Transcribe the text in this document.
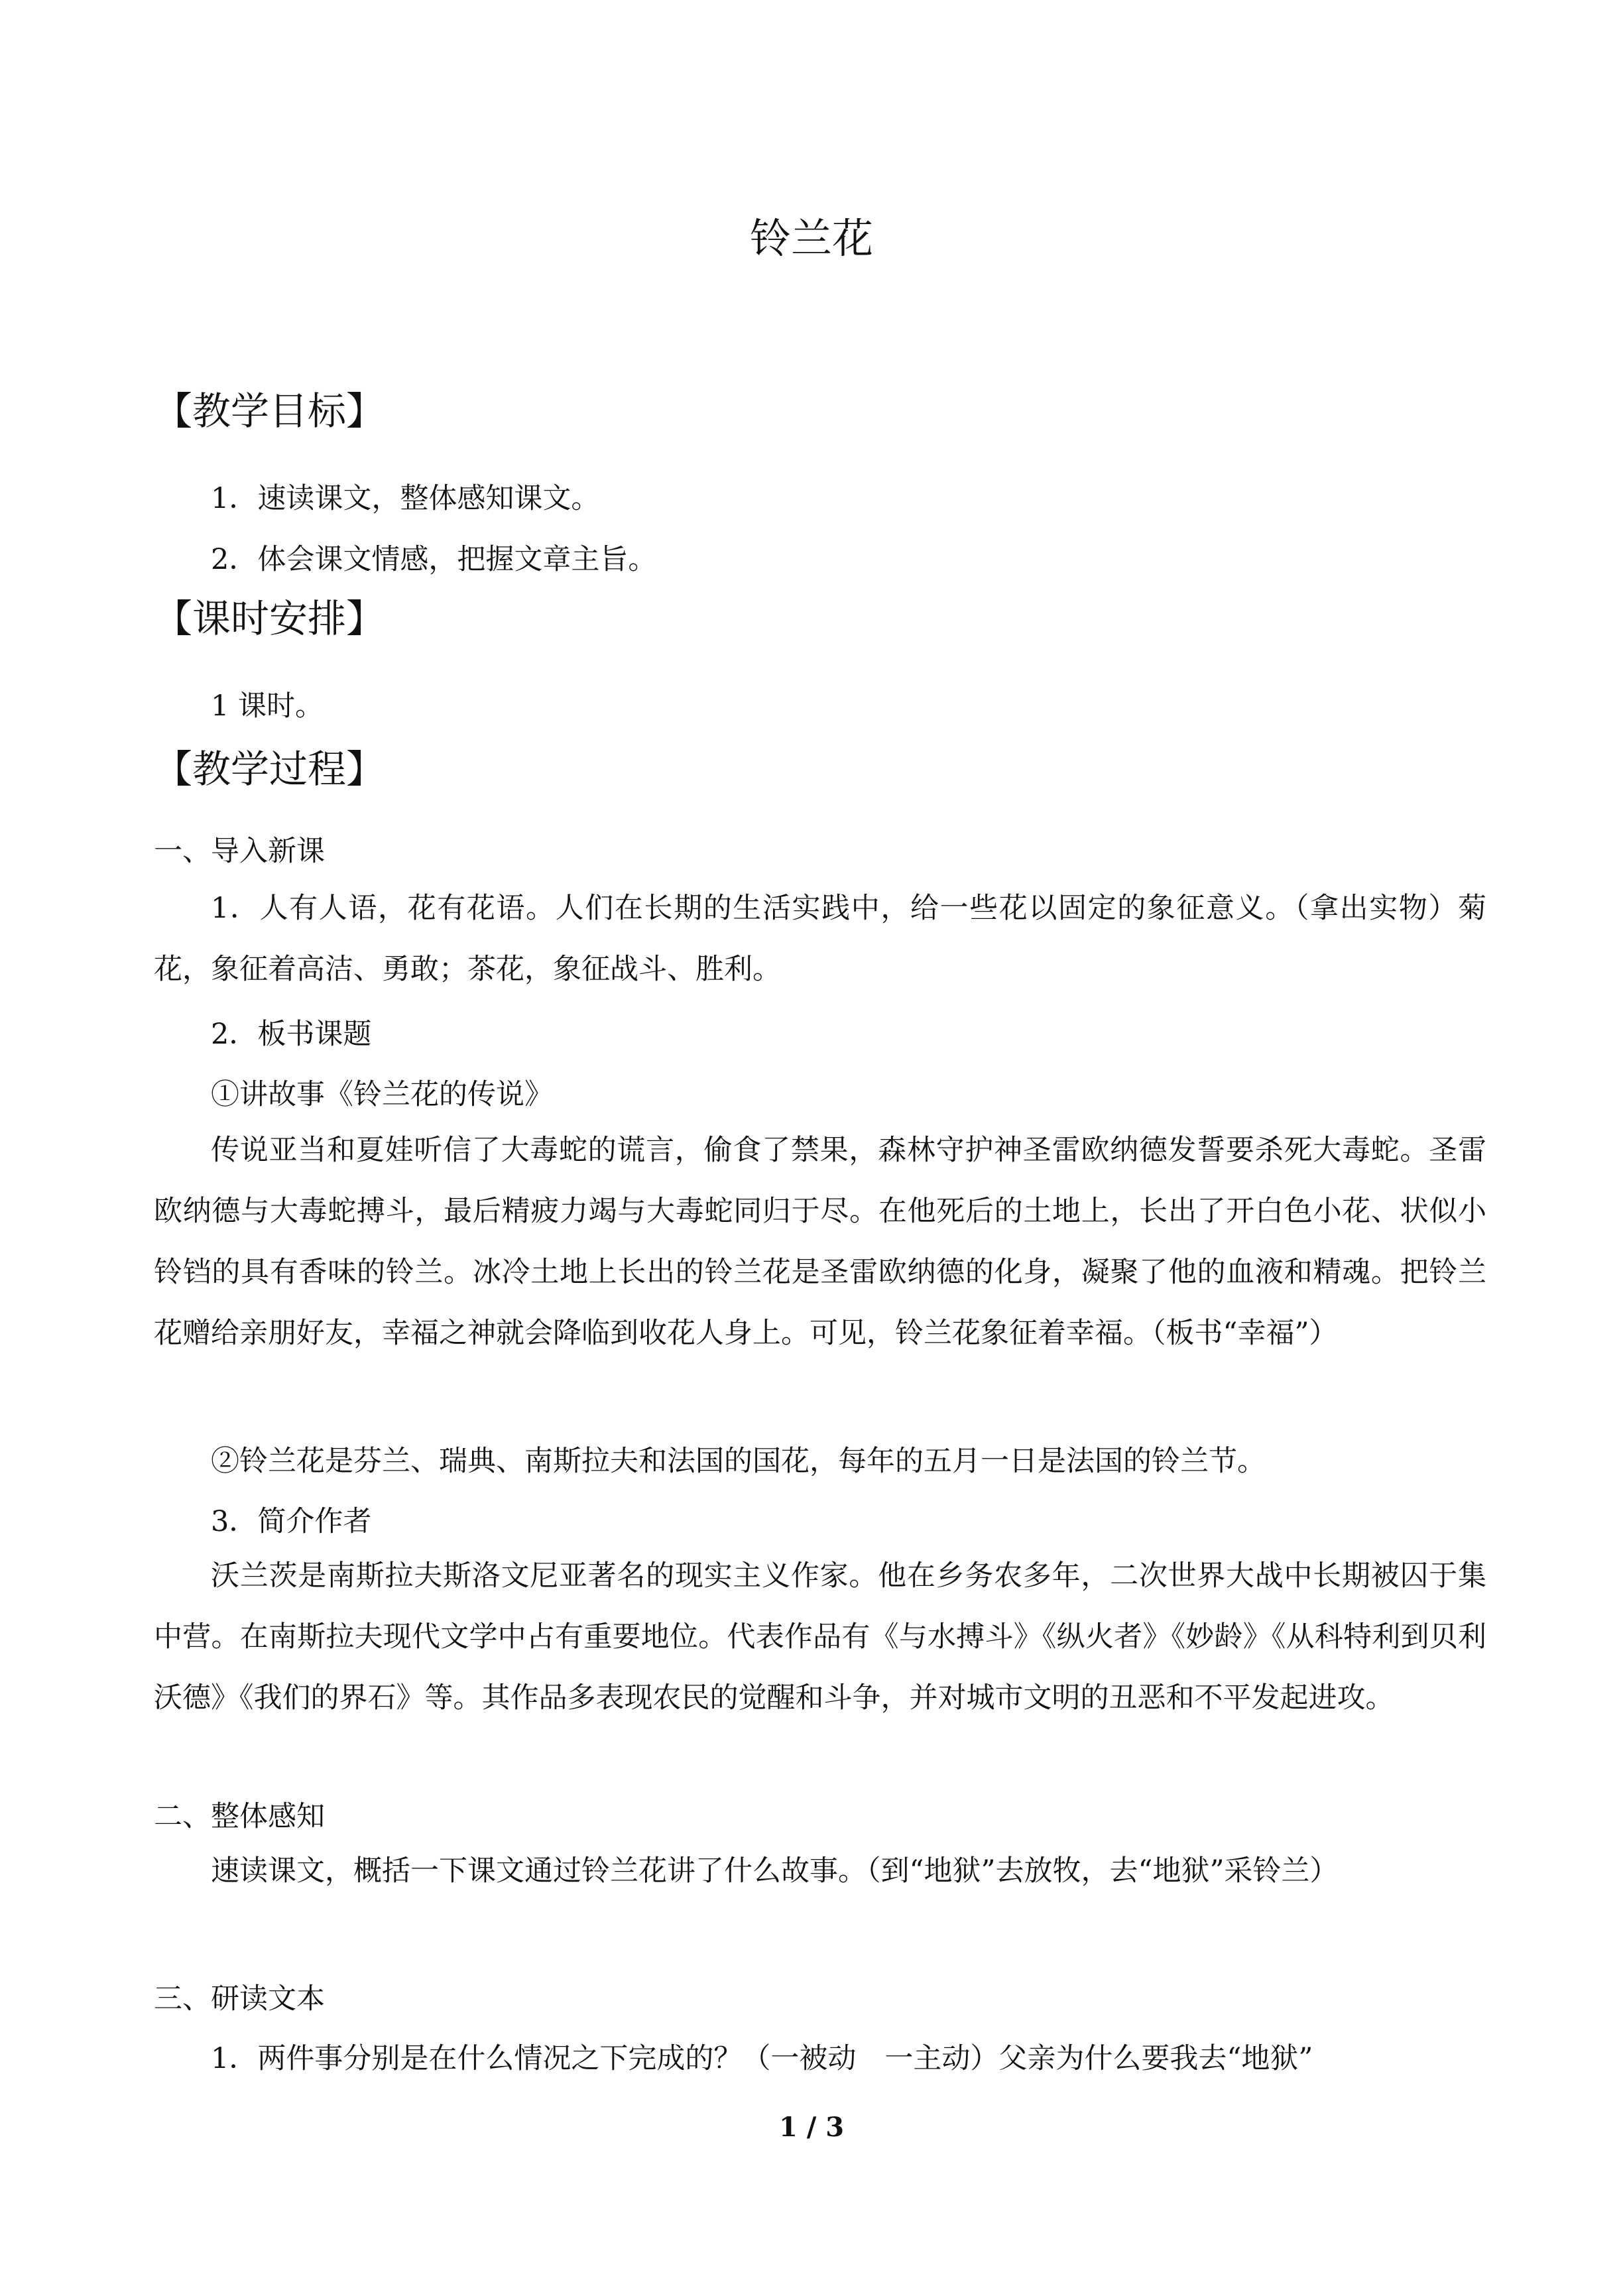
铃兰花
【教学目标】
1．速读课文，整体感知课文。
2．体会课文情感，把握文章主旨。
【课时安排】
1 课时。
【教学过程】
一、导入新课
1．人有人语，花有花语。人们在长期的生活实践中，给一些花以固定的象征意义。（拿出实物）菊花，象征着高洁、勇敢；茶花，象征战斗、胜利。
2．板书课题
①讲故事《铃兰花的传说》
传说亚当和夏娃听信了大毒蛇的谎言，偷食了禁果，森林守护神圣雷欧纳德发誓要杀死大毒蛇。圣雷欧纳德与大毒蛇搏斗，最后精疲力竭与大毒蛇同归于尽。在他死后的土地上，长出了开白色小花、状似小铃铛的具有香味的铃兰。冰冷土地上长出的铃兰花是圣雷欧纳德的化身，凝聚了他的血液和精魂。把铃兰花赠给亲朋好友，幸福之神就会降临到收花人身上。可见，铃兰花象征着幸福。（板书“幸福”）
②铃兰花是芬兰、瑞典、南斯拉夫和法国的国花，每年的五月一日是法国的铃兰节。
3．简介作者
沃兰茨是南斯拉夫斯洛文尼亚著名的现实主义作家。他在乡务农多年，二次世界大战中长期被囚于集中营。在南斯拉夫现代文学中占有重要地位。代表作品有《与水搏斗》《纵火者》《妙龄》《从科特利到贝利沃德》《我们的界石》等。其作品多表现农民的觉醒和斗争，并对城市文明的丑恶和不平发起进攻。
二、整体感知
速读课文，概括一下课文通过铃兰花讲了什么故事。（到“地狱”去放牧，去“地狱”采铃兰）
三、研读文本
1．两件事分别是在什么情况之下完成的？（一被动　一主动）父亲为什么要我去“地狱”
1 / 3
